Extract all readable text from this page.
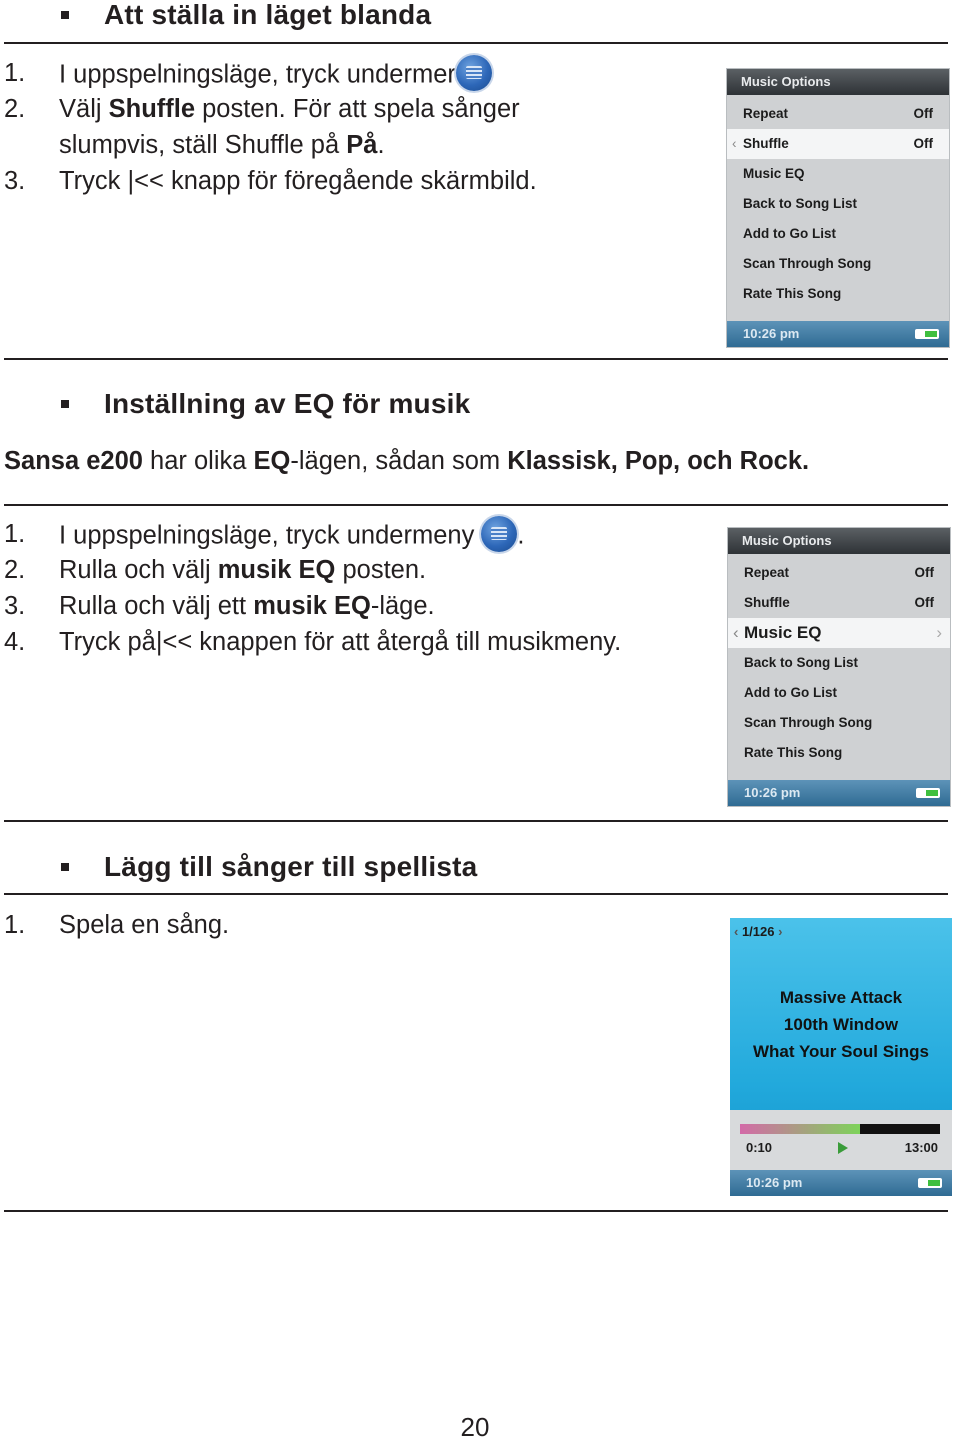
Att ställa in läget blanda
1. I uppspelningsläge, tryck undermer
2. Välj Shuffle posten. För att spela sånger
slumpvis, ställ Shuffle på På.
3. Tryck |<< knapp för föregående skärmbild.
Music Options
Repeat	Off
‹ Shuffle	Off
Music EQ
Back to Song List
Add to Go List
Scan Through Song
Rate This Song
10:26 pm
Inställning av EQ för musik
Sansa e200 har olika EQ-lägen, sådan som Klassisk, Pop, och Rock.
1. I uppspelningsläge, tryck undermeny .
2. Rulla och välj musik EQ posten.
3. Rulla och välj ett musik EQ-läge.
4. Tryck på|<< knappen för att återgå till musikmeny.
Music Options
Repeat	Off
Shuffle	Off
‹ Music EQ ›
Back to Song List
Add to Go List
Scan Through Song
Rate This Song
10:26 pm
Lägg till sånger till spellista
1. Spela en sång.	‹ 1/126 ›
Massive Attack
100th Window
What Your Soul Sings
0:10	13:00
10:26 pm
20
